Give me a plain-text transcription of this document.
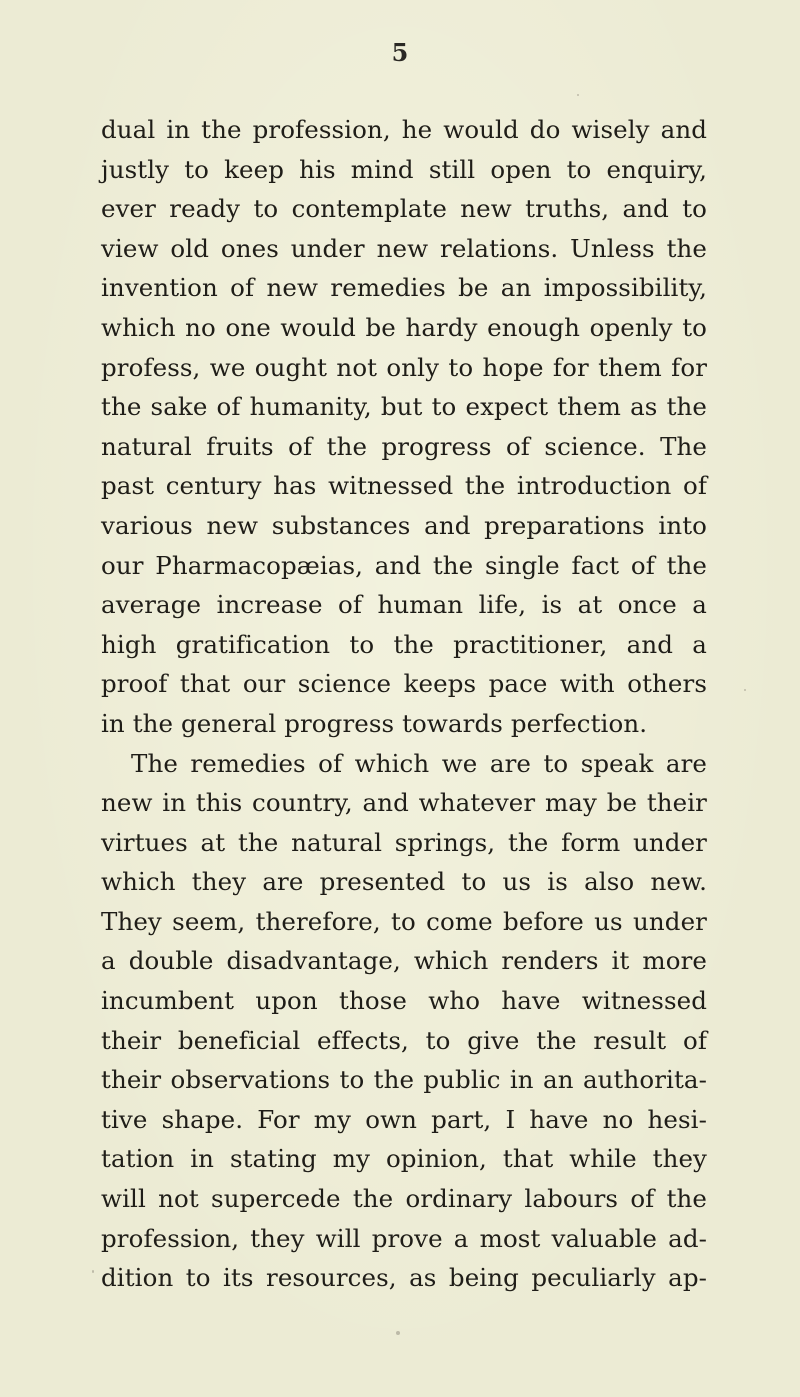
5
dual in the profession, he would do wisely and
justly to keep his mind still open to enquiry,
ever ready to contemplate new truths, and to
view old ones under new relations. Unless the
invention of new remedies be an impossibility,
which no one would be hardy enough openly to
profess, we ought not only to hope for them for
the sake of humanity, but to expect them as the
natural fruits of the progress of science. The
past century has witnessed the introduction of
various new substances and preparations into
our Pharmacopæias, and the single fact of the
average increase of human life, is at once a
high gratification to the practitioner, and a
proof that our science keeps pace with others
in the general progress towards perfection.
The remedies of which we are to speak are
new in this country, and whatever may be their
virtues at the natural springs, the form under
which they are presented to us is also new.
They seem, therefore, to come before us under
a double disadvantage, which renders it more
incumbent upon those who have witnessed
their beneficial effects, to give the result of
their observations to the public in an authorita-
tive shape. For my own part, I have no hesi-
tation in stating my opinion, that while they
will not supercede the ordinary labours of the
profession, they will prove a most valuable ad-
dition to its resources, as being peculiarly ap-
